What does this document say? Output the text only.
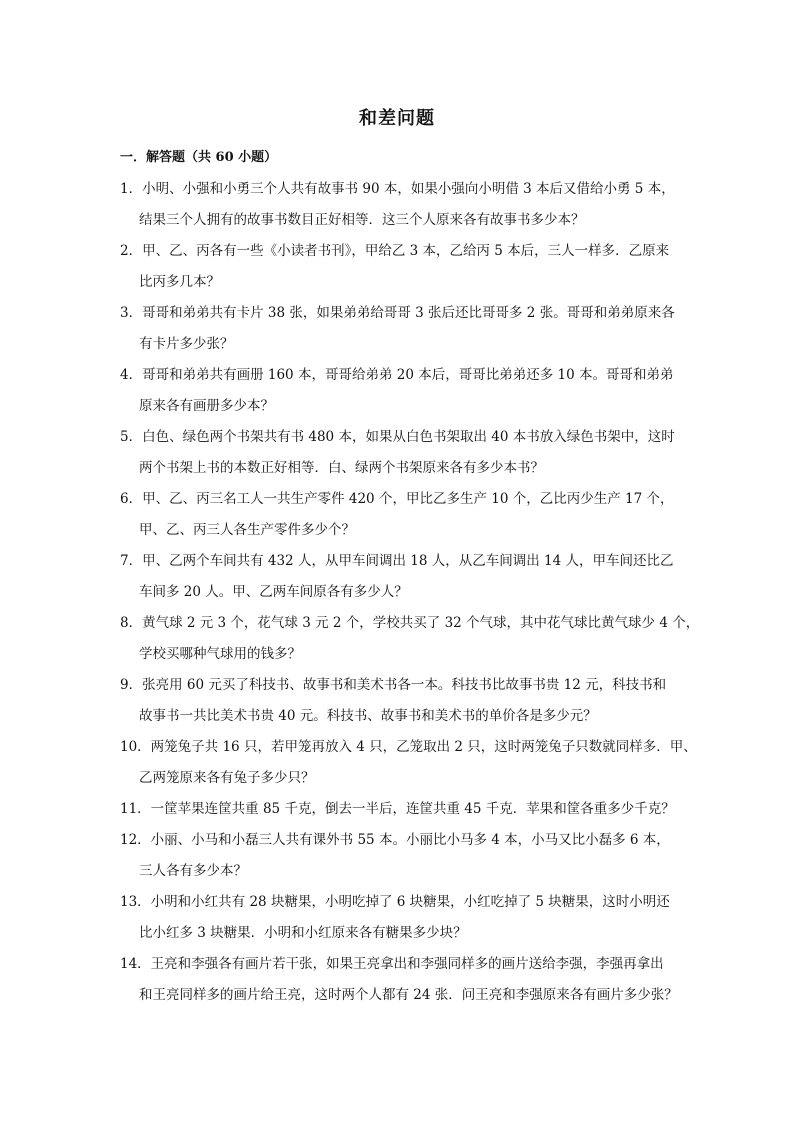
和差问题
一．解答题（共 60 小题）
1．小明、小强和小勇三个人共有故事书 90 本，如果小强向小明借 3 本后又借给小勇 5 本，
结果三个人拥有的故事书数目正好相等．这三个人原来各有故事书多少本？
2．甲、乙、丙各有一些《小读者书刊》，甲给乙 3 本，乙给丙 5 本后，三人一样多．乙原来
比丙多几本？
3．哥哥和弟弟共有卡片 38 张，如果弟弟给哥哥 3 张后还比哥哥多 2 张。哥哥和弟弟原来各
有卡片多少张？
4．哥哥和弟弟共有画册 160 本，哥哥给弟弟 20 本后，哥哥比弟弟还多 10 本。哥哥和弟弟
原来各有画册多少本？
5．白色、绿色两个书架共有书 480 本，如果从白色书架取出 40 本书放入绿色书架中，这时
两个书架上书的本数正好相等．白、绿两个书架原来各有多少本书？
6．甲、乙、丙三名工人一共生产零件 420 个，甲比乙多生产 10 个，乙比丙少生产 17 个，
甲、乙、丙三人各生产零件多少个？
7．甲、乙两个车间共有 432 人，从甲车间调出 18 人，从乙车间调出 14 人，甲车间还比乙
车间多 20 人。甲、乙两车间原各有多少人？
8．黄气球 2 元 3 个，花气球 3 元 2 个，学校共买了 32 个气球，其中花气球比黄气球少 4 个，
学校买哪种气球用的钱多？
9．张亮用 60 元买了科技书、故事书和美术书各一本。科技书比故事书贵 12 元，科技书和
故事书一共比美术书贵 40 元。科技书、故事书和美术书的单价各是多少元？
10．两笼兔子共 16 只，若甲笼再放入 4 只，乙笼取出 2 只，这时两笼兔子只数就同样多．甲、
乙两笼原来各有兔子多少只？
11．一筐苹果连筐共重 85 千克，倒去一半后，连筐共重 45 千克．苹果和筐各重多少千克？
12．小丽、小马和小磊三人共有课外书 55 本。小丽比小马多 4 本，小马又比小磊多 6 本，
三人各有多少本？
13．小明和小红共有 28 块糖果，小明吃掉了 6 块糖果，小红吃掉了 5 块糖果，这时小明还
比小红多 3 块糖果．小明和小红原来各有糖果多少块？
14．王亮和李强各有画片若干张，如果王亮拿出和李强同样多的画片送给李强，李强再拿出
和王亮同样多的画片给王亮，这时两个人都有 24 张．问王亮和李强原来各有画片多少张？
